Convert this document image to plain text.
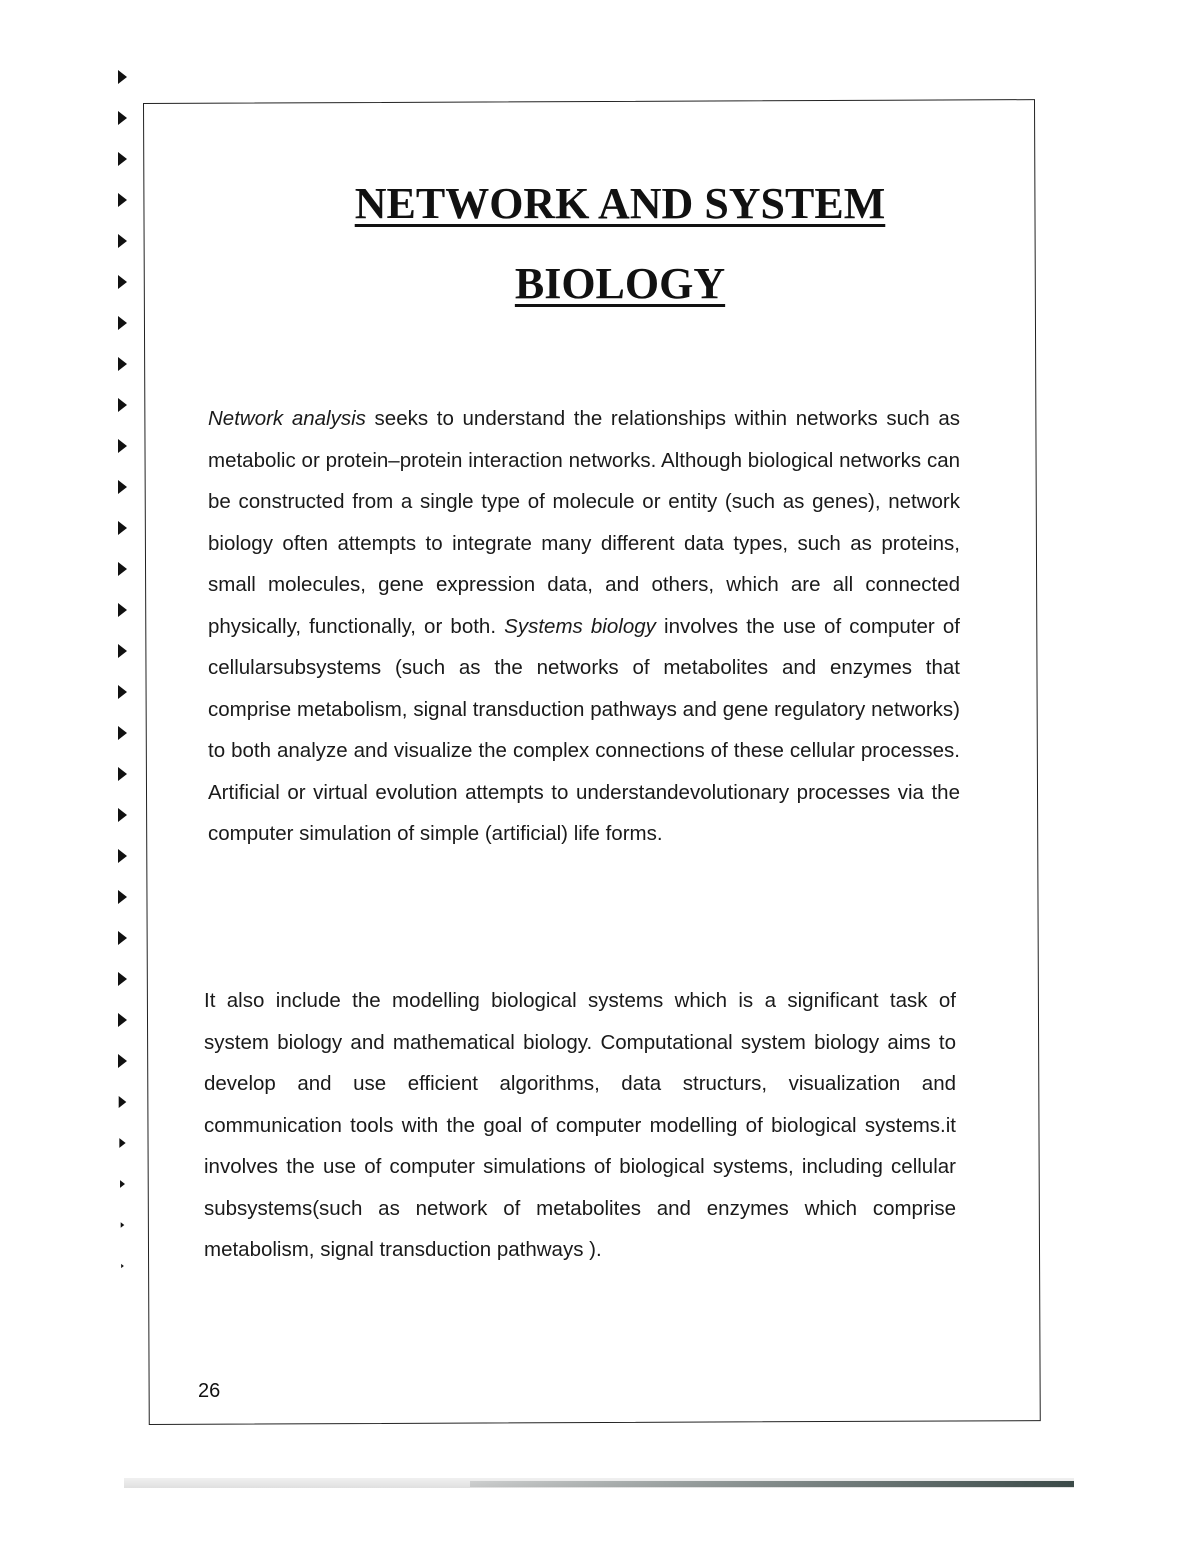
NETWORK AND SYSTEM
BIOLOGY
Network analysis seeks to understand the relationships within networks such as metabolic or protein–protein interaction networks. Although biological networks can be constructed from a single type of molecule or entity (such as genes), network biology often attempts to integrate many different data types, such as proteins, small molecules, gene expression data, and others, which are all connected physically, functionally, or both. Systems biology involves the use of computer of cellularsubsystems (such as the networks of metabolites and enzymes that comprise metabolism, signal transduction pathways and gene regulatory networks) to both analyze and visualize the complex connections of these cellular processes. Artificial or virtual evolution attempts to understandevolutionary processes via the computer simulation of simple (artificial) life forms.
It also include the modelling biological systems which is a significant task of system biology and mathematical biology. Computational system biology aims to develop and use efficient algorithms, data structurs, visualization and communication tools with the goal of computer modelling of biological systems.it involves the use of computer simulations of biological systems, including cellular subsystems(such as network of metabolites and enzymes which comprise metabolism, signal transduction pathways ).
26
